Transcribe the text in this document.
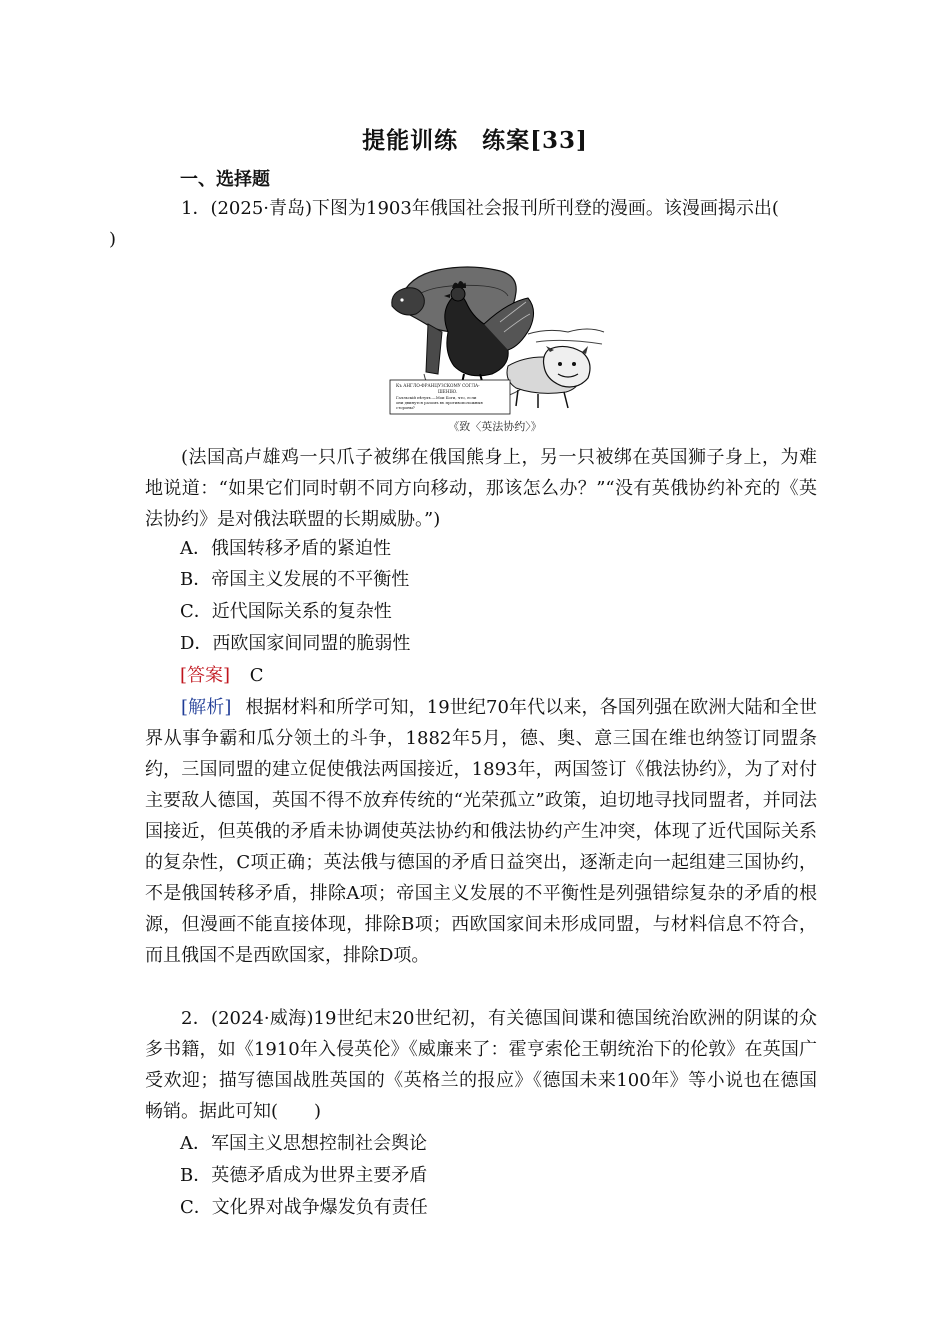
提能训练　练案[33]
一、选择题
1．(2025·青岛)下图为1903年俄国社会报刊所刊登的漫画。该漫画揭示出(
)
Къ АНГЛО-ФРАНЦУЗСКОМУ СОГЛА-
ШЕНІЮ.
Галльскій пѣтухъ.—Мои Боги, что, если
они двинутся разомъ въ противоположныя
стороны?
《致〈英法协约〉》
(法国高卢雄鸡一只爪子被绑在俄国熊身上，另一只被绑在英国狮子身上，为难地说道：“如果它们同时朝不同方向移动，那该怎么办？”“没有英俄协约补充的《英法协约》是对俄法联盟的长期威胁。”)
A．俄国转移矛盾的紧迫性
B．帝国主义发展的不平衡性
C．近代国际关系的复杂性
D．西欧国家间同盟的脆弱性
[答案] C
[解析] 根据材料和所学可知，19世纪70年代以来，各国列强在欧洲大陆和全世界从事争霸和瓜分领土的斗争，1882年5月，德、奥、意三国在维也纳签订同盟条约，三国同盟的建立促使俄法两国接近，1893年，两国签订《俄法协约》，为了对付主要敌人德国，英国不得不放弃传统的“光荣孤立”政策，迫切地寻找同盟者，并同法国接近，但英俄的矛盾未协调使英法协约和俄法协约产生冲突，体现了近代国际关系的复杂性，C项正确；英法俄与德国的矛盾日益突出，逐渐走向一起组建三国协约，不是俄国转移矛盾，排除A项；帝国主义发展的不平衡性是列强错综复杂的矛盾的根源，但漫画不能直接体现，排除B项；西欧国家间未形成同盟，与材料信息不符合，而且俄国不是西欧国家，排除D项。
2．(2024·威海)19世纪末20世纪初，有关德国间谍和德国统治欧洲的阴谋的众多书籍，如《1910年入侵英伦》《威廉来了：霍亨索伦王朝统治下的伦敦》在英国广受欢迎；描写德国战胜英国的《英格兰的报应》《德国未来100年》等小说也在德国畅销。据此可知(　　)
A．军国主义思想控制社会舆论
B．英德矛盾成为世界主要矛盾
C．文化界对战争爆发负有责任
